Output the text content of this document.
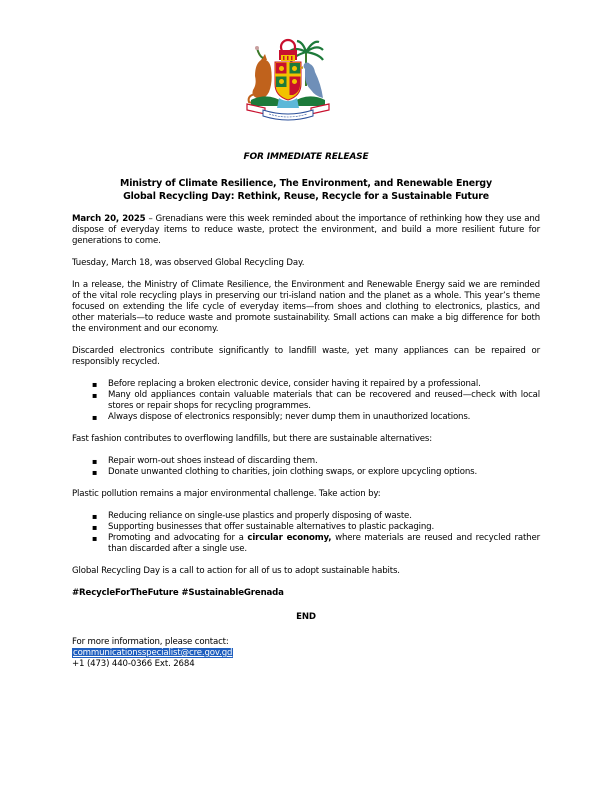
FOR IMMEDIATE RELEASE
Ministry of Climate Resilience, The Environment, and Renewable Energy
Global Recycling Day: Rethink, Reuse, Recycle for a Sustainable Future

March 20, 2025 – Grenadians were this week reminded about the importance of rethinking how they use and dispose of everyday items to reduce waste, protect the environment, and build a more resilient future for generations to come.

Tuesday, March 18, was observed Global Recycling Day.

In a release, the Ministry of Climate Resilience, the Environment and Renewable Energy said we are reminded of the vital role recycling plays in preserving our tri-island nation and the planet as a whole. This year’s theme focused on extending the life cycle of everyday items—from shoes and clothing to electronics, plastics, and other materials—to reduce waste and promote sustainability. Small actions can make a big difference for both the environment and our economy.

Discarded electronics contribute significantly to landfill waste, yet many appliances can be repaired or responsibly recycled.

▪ Before replacing a broken electronic device, consider having it repaired by a professional.
▪ Many old appliances contain valuable materials that can be recovered and reused—check with local stores or repair shops for recycling programmes.
▪ Always dispose of electronics responsibly; never dump them in unauthorized locations.

Fast fashion contributes to overflowing landfills, but there are sustainable alternatives:

▪ Repair worn-out shoes instead of discarding them.
▪ Donate unwanted clothing to charities, join clothing swaps, or explore upcycling options.

Plastic pollution remains a major environmental challenge. Take action by:

▪ Reducing reliance on single-use plastics and properly disposing of waste.
▪ Supporting businesses that offer sustainable alternatives to plastic packaging.
▪ Promoting and advocating for a circular economy, where materials are reused and recycled rather than discarded after a single use.

Global Recycling Day is a call to action for all of us to adopt sustainable habits.

#RecycleForTheFuture #SustainableGrenada
END
For more information, please contact:
communicationsspecialist@cre.gov.gd
+1 (473) 440-0366 Ext. 2684
